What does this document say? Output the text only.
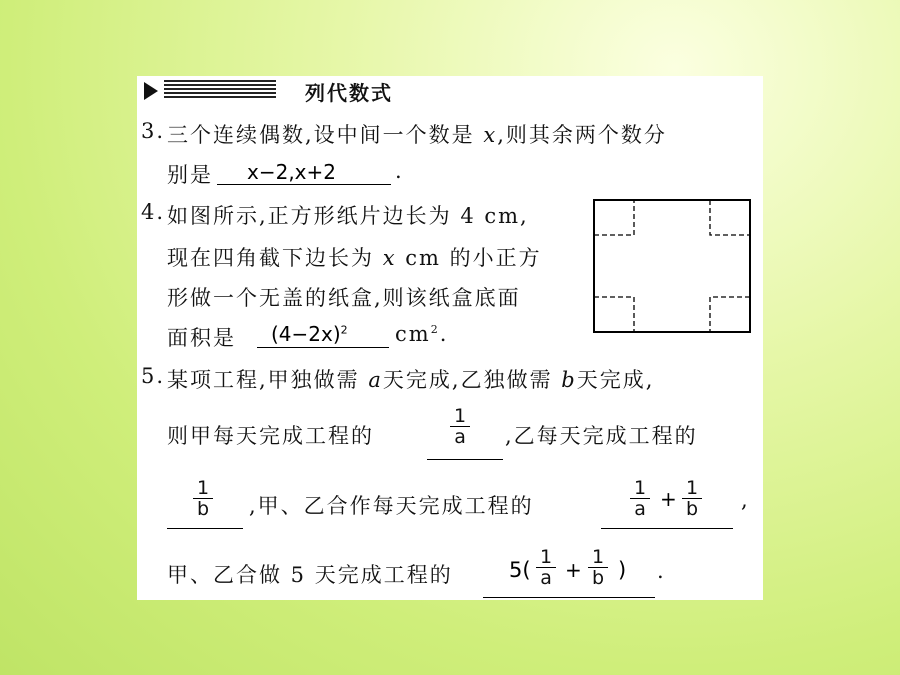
列代数式
3. 三个连续偶数,设中间一个数是 x,则其余两个数分
别是 x−2,x+2	.
4. 如图所示,正方形纸片边长为 4 cm,
现在四角截下边长为 x cm 的小正方
形做一个无盖的纸盒,则该纸盒底面
面积是 $(4-2x)^2$ $cm^2$.
5. 某项工程,甲独做需 a天完成,乙独做需 b天完成,
则甲每天完成工程的	$\frac{1}{a}$ ,乙每天完成工程的
$\frac{1}{b}$ ,甲、乙合作每天完成工程的	$\frac{1}{a} + \frac{1}{b}$ ,
甲、乙合做 5 天完成工程的	$5( \frac{1}{a} + \frac{1}{b}$ ) .
